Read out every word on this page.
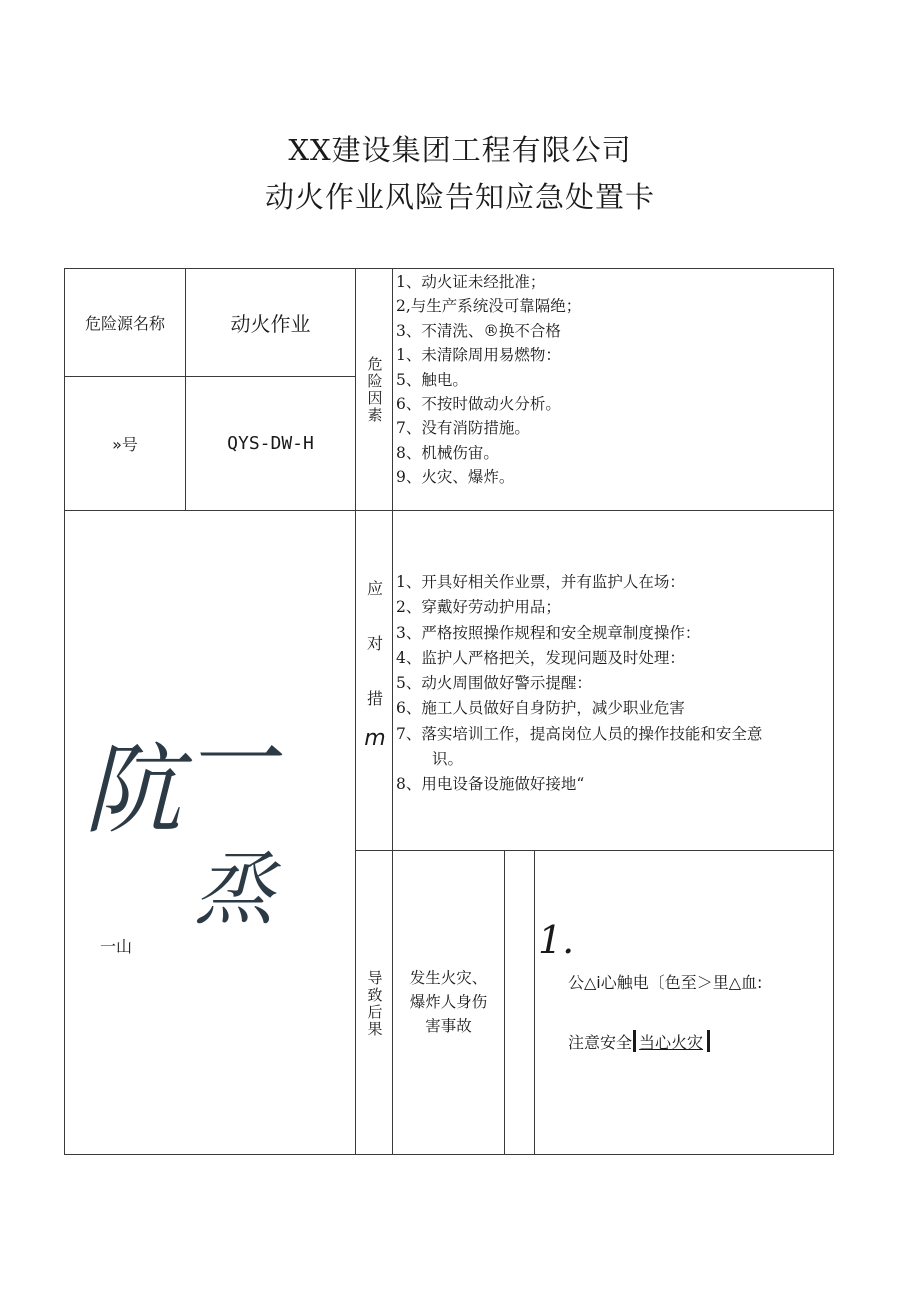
XX建设集团工程有限公司
动火作业风险告知应急处置卡
危险源名称	动火作业
»号	QYS-DW-H
危
险
因
素
1、动火证未经批准；
2,与生产系统没可靠隔绝；
3、不清洗、®换不合格
1、未清除周用易燃物：
5、触电。
6、不按时做动火分析。
7、没有消防措施。
8、机械伤宙。
9、火灾、爆炸。
应
对
措
m
1、开具好相关作业票，并有监护人在场：
2、穿戴好劳动护用品；
3、严格按照操作规程和安全规章制度操作：
4、监护人严格把关，发现问题及时处理：
5、动火周围做好警示提醒：
6、施工人员做好自身防护，减少职业危害
7、落实培训工作，提高岗位人员的操作技能和安全意
识。
8、用电设备设施做好接地“
导
致
后
果
发生火灾、
爆炸人身伤
害事故
1.
公△i心触电〔色至＞里△血:
注意安全 当心火灾
阬 一
烝
一山
